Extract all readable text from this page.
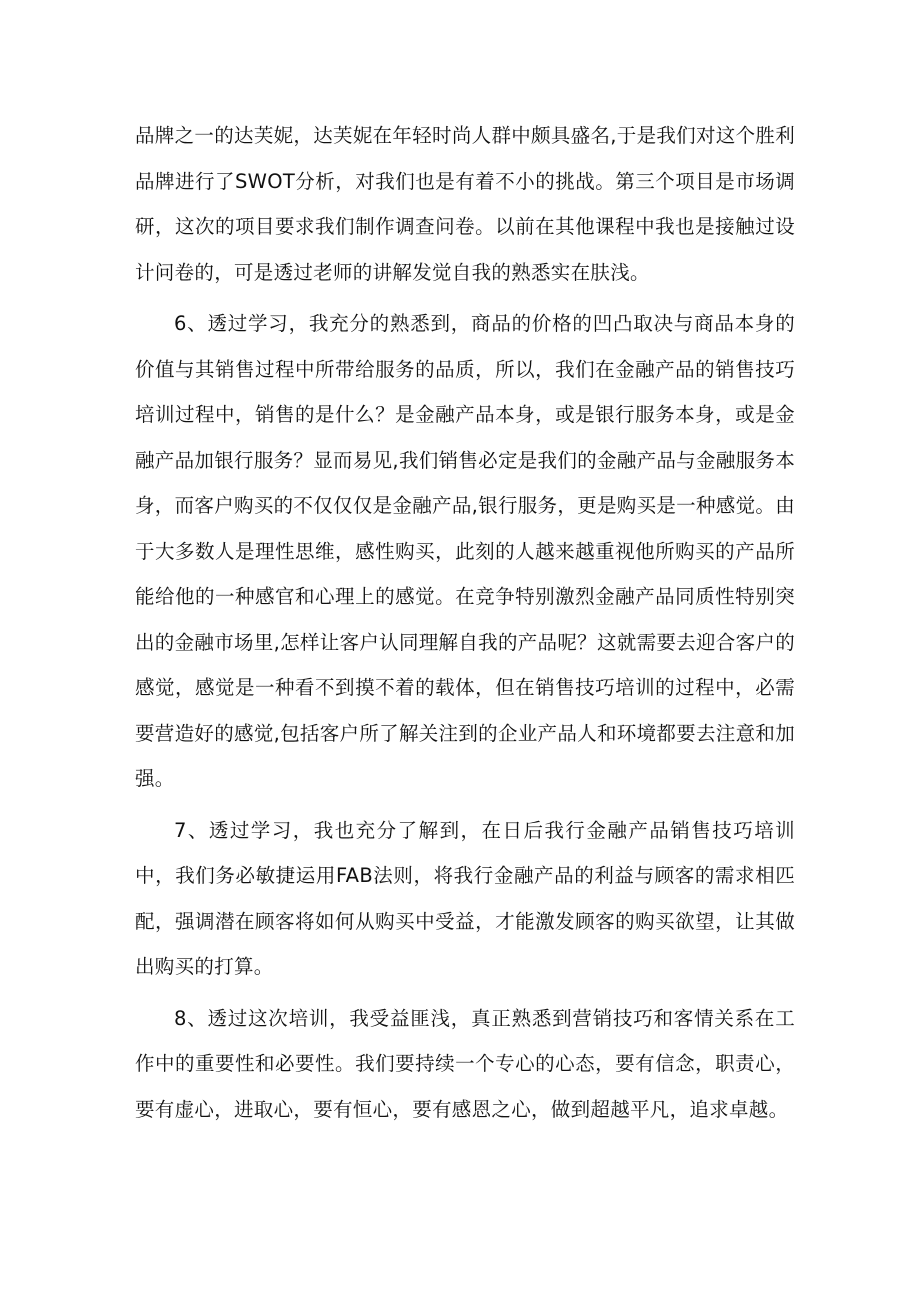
品牌之一的达芙妮，达芙妮在年轻时尚人群中颇具盛名,于是我们对这个胜利品牌进行了SWOT分析，对我们也是有着不小的挑战。第三个项目是市场调研，这次的项目要求我们制作调查问卷。以前在其他课程中我也是接触过设计问卷的，可是透过老师的讲解发觉自我的熟悉实在肤浅。

6、透过学习，我充分的熟悉到，商品的价格的凹凸取决与商品本身的价值与其销售过程中所带给服务的品质，所以，我们在金融产品的销售技巧培训过程中，销售的是什么？是金融产品本身，或是银行服务本身，或是金融产品加银行服务？显而易见,我们销售必定是我们的金融产品与金融服务本身，而客户购买的不仅仅仅是金融产品,银行服务，更是购买是一种感觉。由于大多数人是理性思维，感性购买，此刻的人越来越重视他所购买的产品所能给他的一种感官和心理上的感觉。在竞争特别激烈金融产品同质性特别突出的金融市场里,怎样让客户认同理解自我的产品呢？这就需要去迎合客户的感觉，感觉是一种看不到摸不着的载体，但在销售技巧培训的过程中，必需要营造好的感觉,包括客户所了解关注到的企业产品人和环境都要去注意和加强。

7、透过学习，我也充分了解到，在日后我行金融产品销售技巧培训中，我们务必敏捷运用FAB法则，将我行金融产品的利益与顾客的需求相匹配，强调潜在顾客将如何从购买中受益，才能激发顾客的购买欲望，让其做出购买的打算。

8、透过这次培训，我受益匪浅，真正熟悉到营销技巧和客情关系在工作中的重要性和必要性。我们要持续一个专心的心态，要有信念，职责心，要有虚心，进取心，要有恒心，要有感恩之心，做到超越平凡，追求卓越。
